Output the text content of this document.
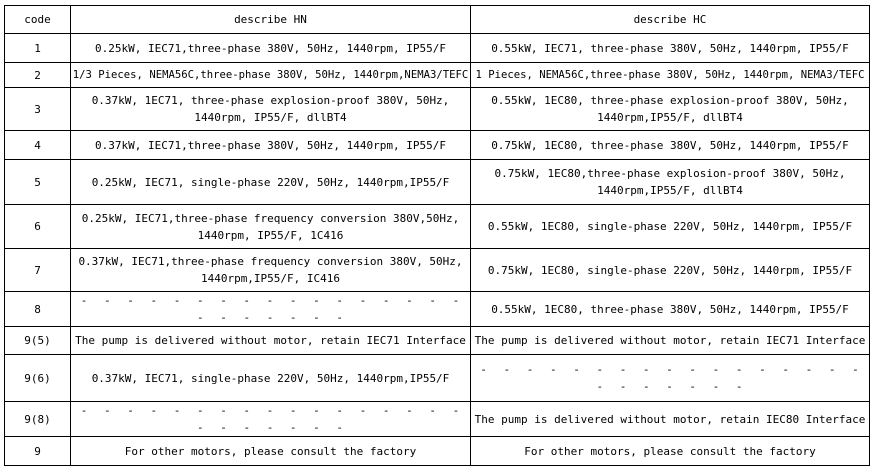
code	describe HN	describe HC
1	0.25kW, IEC71,three-phase 380V, 50Hz, 1440rpm, IP55/F	0.55kW, IEC71, three-phase 380V, 50Hz, 1440rpm, IP55/F
2	1/3 Pieces, NEMA56C,three-phase 380V, 50Hz, 1440rpm,NEMA3/TEFC	1 Pieces, NEMA56C,three-phase 380V, 50Hz, 1440rpm, NEMA3/TEFC
3	0.37kW, 1EC71, three-phase explosion-proof 380V, 50Hz, 1440rpm, IP55/F, dllBT4	0.55kW, 1EC80, three-phase explosion-proof 380V, 50Hz, 1440rpm,IP55/F, dllBT4
4	0.37kW, IEC71,three-phase 380V, 50Hz, 1440rpm, IP55/F	0.75kW, 1EC80, three-phase 380V, 50Hz, 1440rpm, IP55/F
5	0.25kW, IEC71, single-phase 220V, 50Hz, 1440rpm,IP55/F	0.75kW, 1EC80,three-phase explosion-proof 380V, 50Hz, 1440rpm,IP55/F, dllBT4
6	0.25kW, IEC71,three-phase frequency conversion 380V,50Hz, 1440rpm, IP55/F, 1C416	0.55kW, 1EC80, single-phase 220V, 50Hz, 1440rpm, IP55/F
7	0.37kW, IEC71,three-phase frequency conversion 380V, 50Hz, 1440rpm,IP55/F, IC416	0.75kW, 1EC80, single-phase 220V, 50Hz, 1440rpm, IP55/F
8	- - - - - - - - - - - - - - - - - - - - - - - -	0.55kW, 1EC80, three-phase 380V, 50Hz, 1440rpm, IP55/F
9(5)	The pump is delivered without motor, retain IEC71 Interface	The pump is delivered without motor, retain IEC71 Interface
9(6)	0.37kW, IEC71, single-phase 220V, 50Hz, 1440rpm,IP55/F	- - - - - - - - - - - - - - - - - - - - - - - -
9(8)	- - - - - - - - - - - - - - - - - - - - - - - -	The pump is delivered without motor, retain IEC80 Interface
9	For other motors, please consult the factory	For other motors, please consult the factory
